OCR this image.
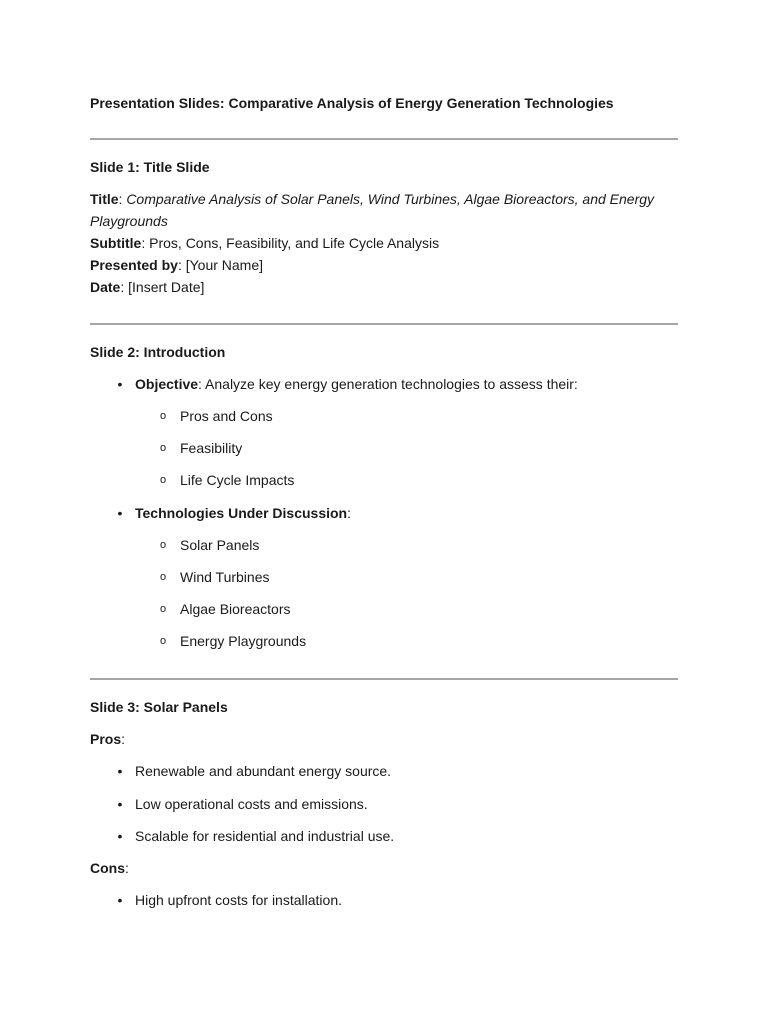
Presentation Slides: Comparative Analysis of Energy Generation Technologies
Slide 1: Title Slide
Title: Comparative Analysis of Solar Panels, Wind Turbines, Algae Bioreactors, and Energy
Playgrounds
Subtitle: Pros, Cons, Feasibility, and Life Cycle Analysis
Presented by: [Your Name]
Date: [Insert Date]
Slide 2: Introduction
• Objective: Analyze key energy generation technologies to assess their:
o Pros and Cons
o Feasibility
o Life Cycle Impacts
• Technologies Under Discussion:
o Solar Panels
o Wind Turbines
o Algae Bioreactors
o Energy Playgrounds
Slide 3: Solar Panels
Pros:
• Renewable and abundant energy source.
• Low operational costs and emissions.
• Scalable for residential and industrial use.
Cons:
• High upfront costs for installation.
